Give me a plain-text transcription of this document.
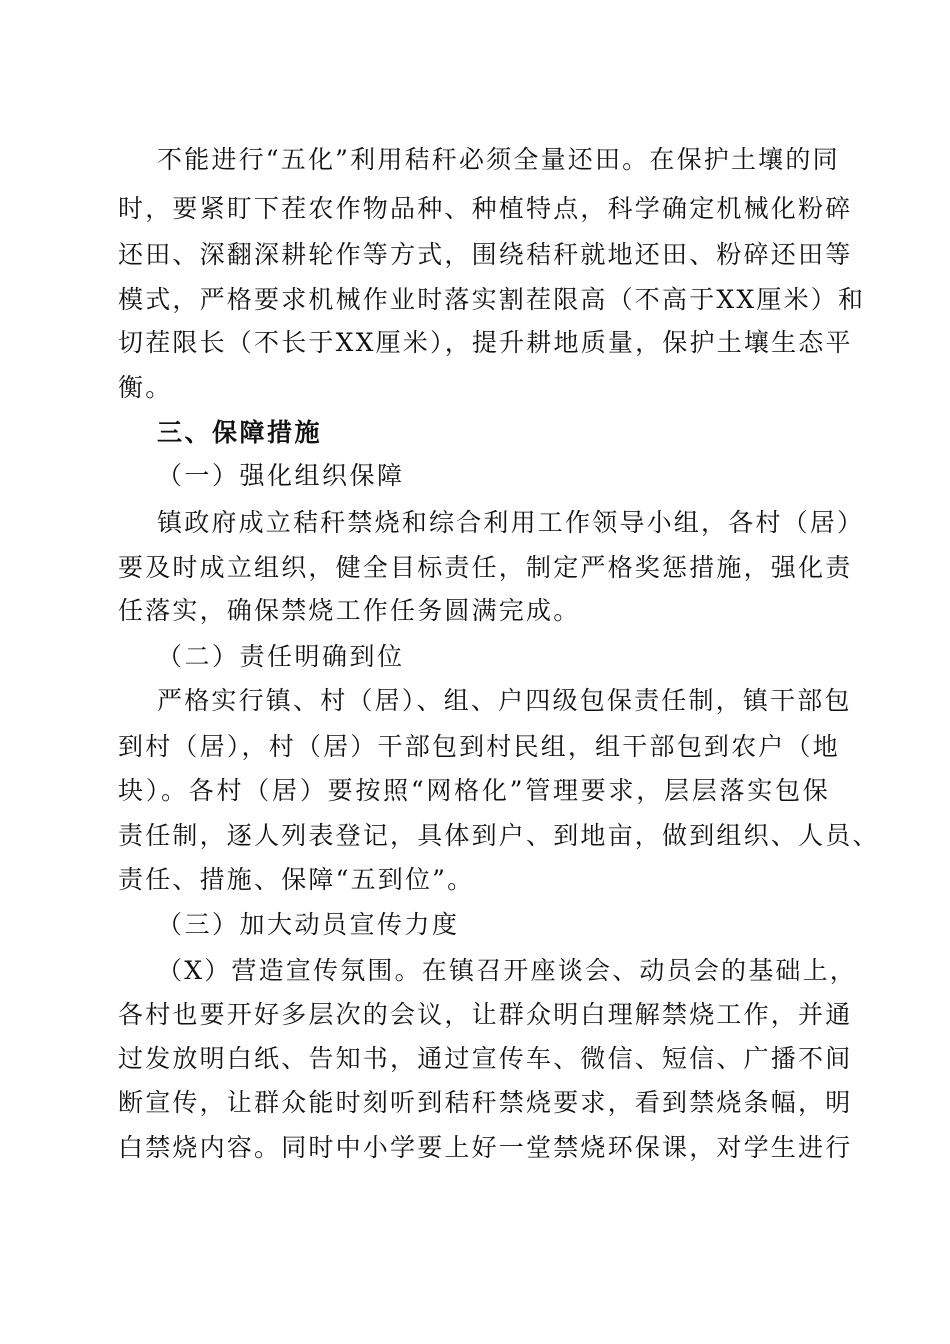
不能进行“五化”利用秸秆必须全量还田。在保护土壤的同
时，要紧盯下茬农作物品种、种植特点，科学确定机械化粉碎
还田、深翻深耕轮作等方式，围绕秸秆就地还田、粉碎还田等
模式，严格要求机械作业时落实割茬限高（不高于XX厘米）和
切茬限长（不长于XX厘米），提升耕地质量，保护土壤生态平
衡。
三、保障措施
（一）强化组织保障
镇政府成立秸秆禁烧和综合利用工作领导小组，各村（居）
要及时成立组织，健全目标责任，制定严格奖惩措施，强化责
任落实，确保禁烧工作任务圆满完成。
（二）责任明确到位
严格实行镇、村（居）、组、户四级包保责任制，镇干部包
到村（居），村（居）干部包到村民组，组干部包到农户（地
块）。各村（居）要按照“网格化”管理要求，层层落实包保
责任制，逐人列表登记，具体到户、到地亩，做到组织、人员、
责任、措施、保障“五到位”。
（三）加大动员宣传力度
（X）营造宣传氛围。在镇召开座谈会、动员会的基础上，
各村也要开好多层次的会议，让群众明白理解禁烧工作，并通
过发放明白纸、告知书，通过宣传车、微信、短信、广播不间
断宣传，让群众能时刻听到秸秆禁烧要求，看到禁烧条幅，明
白禁烧内容。同时中小学要上好一堂禁烧环保课，对学生进行
